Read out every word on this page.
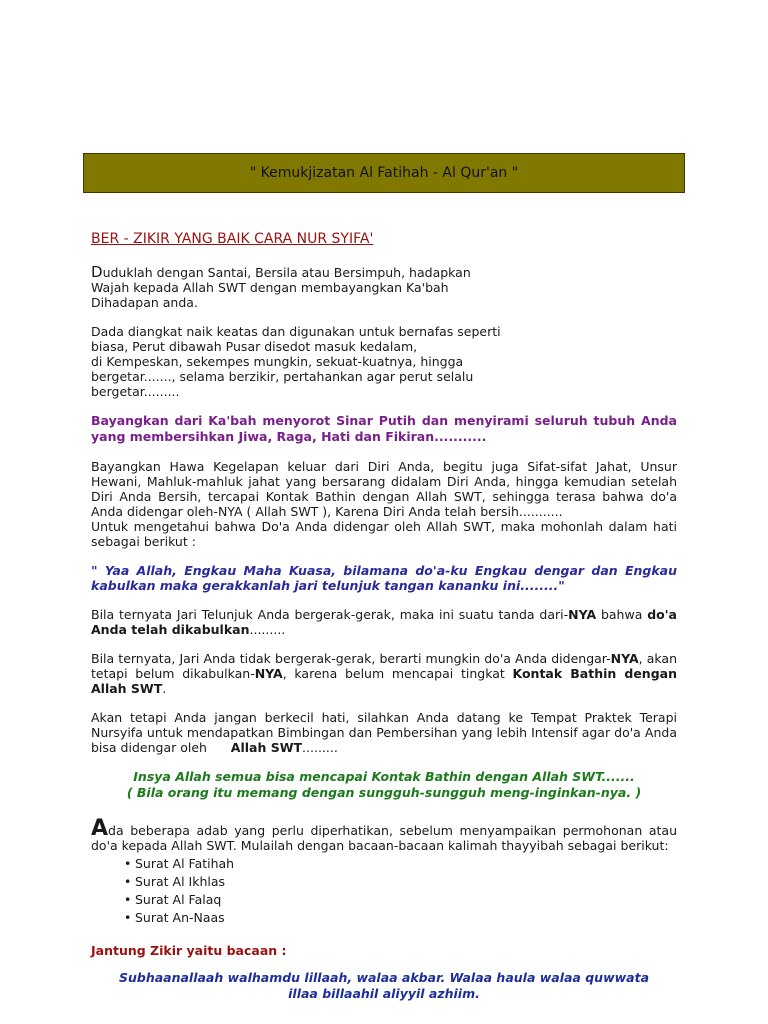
" Kemukjizatan Al Fatihah - Al Qur'an "
BER - ZIKIR YANG BAIK CARA NUR SYIFA'

Duduklah dengan Santai, Bersila atau Bersimpuh, hadapkan
Wajah kepada Allah SWT dengan membayangkan Ka'bah
Dihadapan anda.

Dada diangkat naik keatas dan digunakan untuk bernafas seperti
biasa, Perut dibawah Pusar disedot masuk kedalam,
di Kempeskan, sekempes mungkin, sekuat-kuatnya, hingga
bergetar......., selama berzikir, pertahankan agar perut selalu
bergetar.........

Bayangkan dari Ka'bah menyorot Sinar Putih dan menyirami seluruh tubuh Anda yang membersihkan Jiwa, Raga, Hati dan Fikiran...........

Bayangkan Hawa Kegelapan keluar dari Diri Anda, begitu juga Sifat-sifat Jahat, Unsur Hewani, Mahluk-mahluk jahat yang bersarang didalam Diri Anda, hingga kemudian setelah Diri Anda Bersih, tercapai Kontak Bathin dengan Allah SWT, sehingga terasa bahwa do'a Anda didengar oleh-NYA ( Allah SWT ), Karena Diri Anda telah bersih...........
Untuk mengetahui bahwa Do'a Anda didengar oleh Allah SWT, maka mohonlah dalam hati sebagai berikut :

" Yaa Allah, Engkau Maha Kuasa, bilamana do'a-ku Engkau dengar dan Engkau kabulkan maka gerakkanlah jari telunjuk tangan kananku ini........"

Bila ternyata Jari Telunjuk Anda bergerak-gerak, maka ini suatu tanda dari-NYA bahwa do'a Anda telah dikabulkan.........

Bila ternyata, Jari Anda tidak bergerak-gerak, berarti mungkin do'a Anda didengar-NYA, akan tetapi belum dikabulkan-NYA, karena belum mencapai tingkat Kontak Bathin dengan Allah SWT.

Akan tetapi Anda jangan berkecil hati, silahkan Anda datang ke Tempat Praktek Terapi Nursyifa untuk mendapatkan Bimbingan dan Pembersihan yang lebih Intensif agar do'a Anda bisa didengar oleh      Allah SWT.........

Insya Allah semua bisa mencapai Kontak Bathin dengan Allah SWT.......
( Bila orang itu memang dengan sungguh-sungguh meng-inginkan-nya. )

Ada beberapa adab yang perlu diperhatikan, sebelum menyampaikan permohonan atau do'a kepada Allah SWT. Mulailah dengan bacaan-bacaan kalimah thayyibah sebagai berikut:

• Surat Al Fatihah
• Surat Al Ikhlas
• Surat Al Falaq
• Surat An-Naas

Jantung Zikir yaitu bacaan :

Subhaanallaah walhamdu lillaah, walaa akbar. Walaa haula walaa quwwata
illaa billaahil aliyyil azhiim.
